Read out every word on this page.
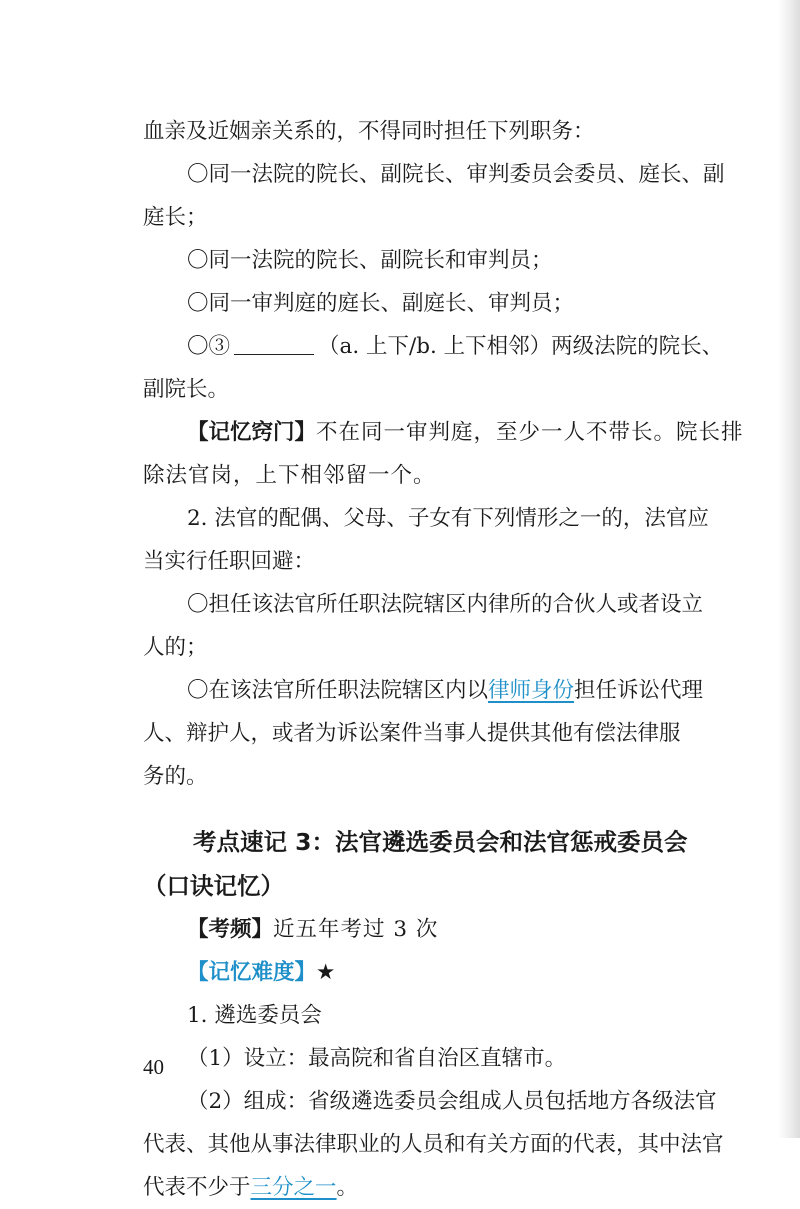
血亲及近姻亲关系的，不得同时担任下列职务：
〇同一法院的院长、副院长、审判委员会委员、庭长、副
庭长；
〇同一法院的院长、副院长和审判员；
〇同一审判庭的庭长、副庭长、审判员；
〇③	（a. 上下/b. 上下相邻）两级法院的院长、
副院长。
【记忆窍门】不在同一审判庭，至少一人不带长。院长排
除法官岗，上下相邻留一个。
2. 法官的配偶、父母、子女有下列情形之一的，法官应
当实行任职回避：
〇担任该法官所任职法院辖区内律所的合伙人或者设立
人的；
〇在该法官所任职法院辖区内以律师身份担任诉讼代理
人、辩护人，或者为诉讼案件当事人提供其他有偿法律服
务的。
考点速记 3：法官遴选委员会和法官惩戒委员会
（口诀记忆）
【考频】近五年考过 3 次
【记忆难度】★
1. 遴选委员会
（1）设立：最高院和省自治区直辖市。
（2）组成：省级遴选委员会组成人员包括地方各级法官
代表、其他从事法律职业的人员和有关方面的代表，其中法官
代表不少于三分之一。
40
